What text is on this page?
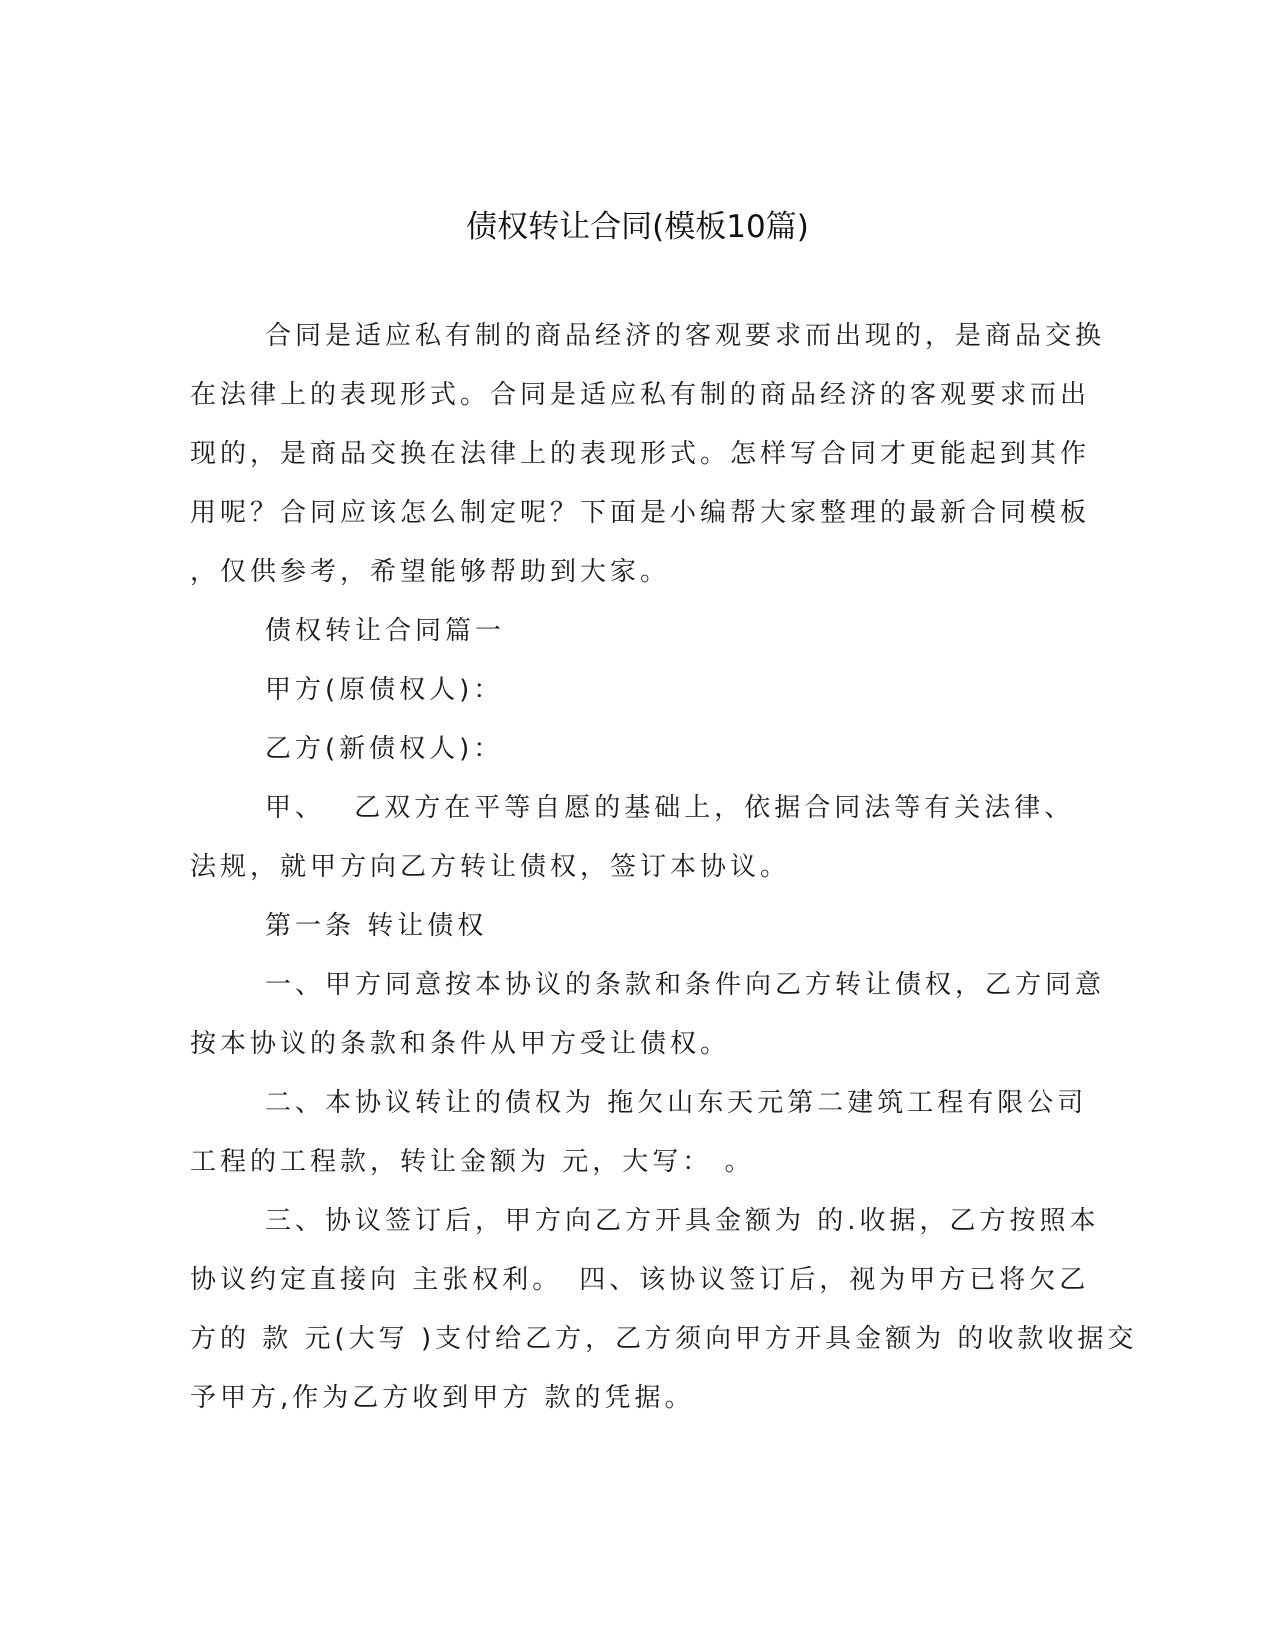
债权转让合同(模板10篇)
合同是适应私有制的商品经济的客观要求而出现的，是商品交换
在法律上的表现形式。合同是适应私有制的商品经济的客观要求而出
现的，是商品交换在法律上的表现形式。怎样写合同才更能起到其作
用呢？合同应该怎么制定呢？下面是小编帮大家整理的最新合同模板
，仅供参考，希望能够帮助到大家。
债权转让合同篇一
甲方(原债权人)：
乙方(新债权人)：
甲、　 乙双方在平等自愿的基础上，依据合同法等有关法律、
法规，就甲方向乙方转让债权，签订本协议。
第一条 转让债权
一、甲方同意按本协议的条款和条件向乙方转让债权，乙方同意
按本协议的条款和条件从甲方受让债权。
二、本协议转让的债权为 拖欠山东天元第二建筑工程有限公司
工程的工程款，转让金额为 元，大写： 。
三、协议签订后，甲方向乙方开具金额为 的.收据，乙方按照本
协议约定直接向 主张权利。　四、该协议签订后，视为甲方已将欠乙
方的 款 元(大写 )支付给乙方，乙方须向甲方开具金额为 的收款收据交
予甲方,作为乙方收到甲方 款的凭据。
